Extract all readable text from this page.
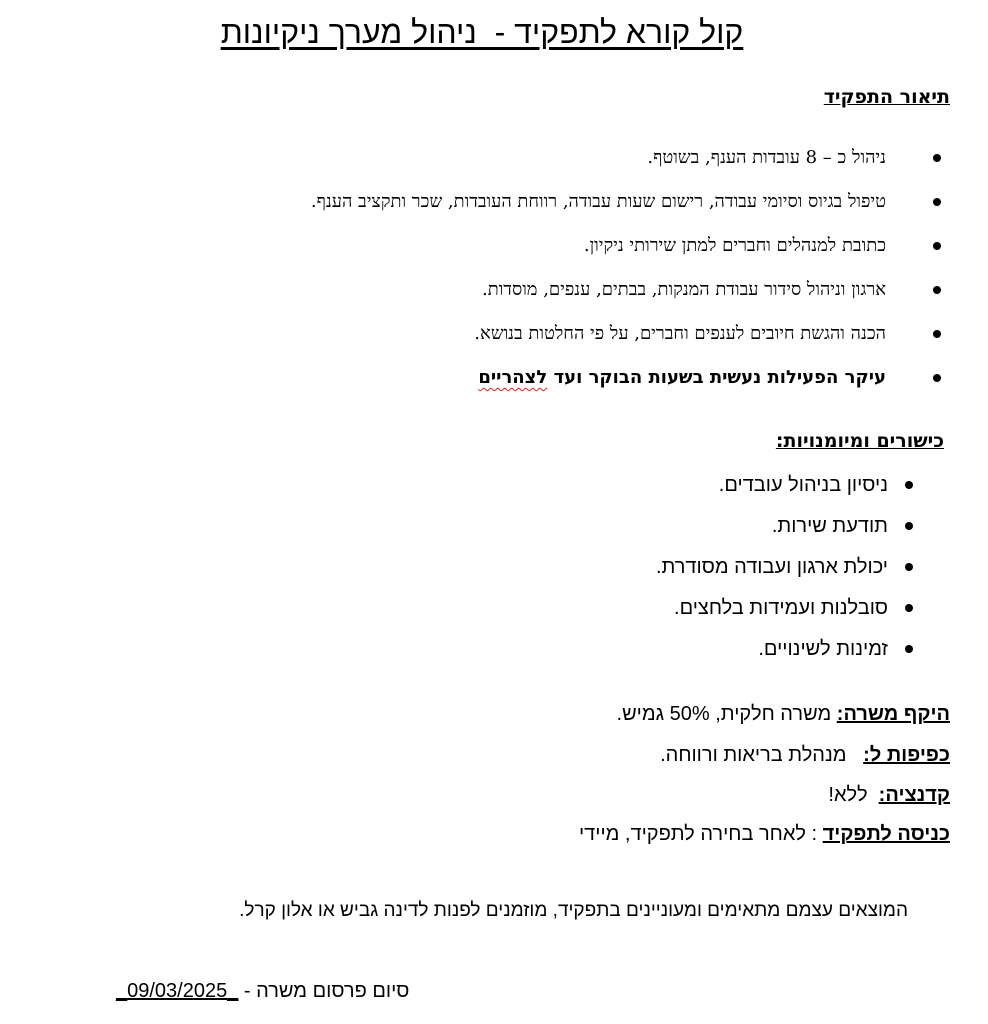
קול קורא לתפקיד -  ניהול מערך ניקיונות
תיאור התפקיד
ניהול כ – 8 עובדות הענף, בשוטף.
טיפול בגיוס וסיומי עבודה, רישום שעות עבודה, רווחת העובדות, שכר ותקציב הענף.
כתובת למנהלים וחברים למתן שירותי ניקיון.
ארגון וניהול סידור עבודת המנקות, בבתים, ענפים, מוסדות.
הכנה והגשת חיובים לענפים וחברים, על פי החלטות בנושא.
עיקר הפעילות נעשית בשעות הבוקר ועד לצהריים
כישורים ומיומנויות:
ניסיון בניהול עובדים.
תודעת שירות.
יכולת ארגון ועבודה מסודרת.
סובלנות ועמידות בלחצים.
זמינות לשינויים.
היקף משרה: משרה חלקית, 50% גמיש.
כפיפות ל:   מנהלת בריאות ורווחה.
קדנציה:  ללא!
כניסה לתפקיד : לאחר בחירה לתפקיד, מיידי
המוצאים עצמם מתאימים ומעוניינים בתפקיד, מוזמנים לפנות לדינה גביש או אלון קרל.
סיום פרסום משרה - _09/03/2025_
